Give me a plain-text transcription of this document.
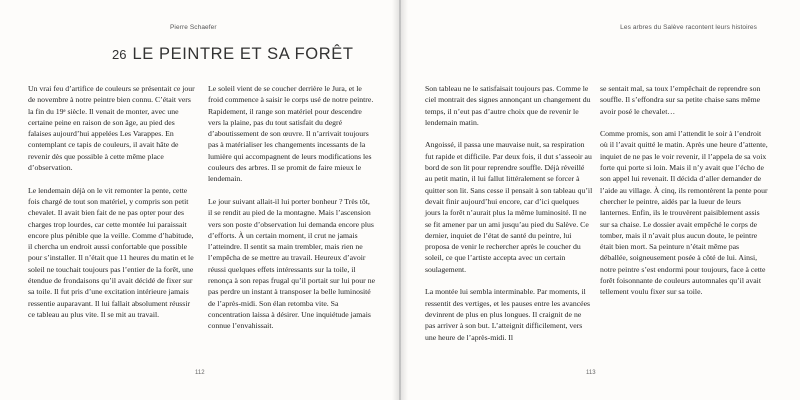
Pierre Schaefer
26 LE PEINTRE ET SA FORÊT

Un vrai feu d’artifice de couleurs se présentait ce jour de novembre à notre peintre bien connu. C’était vers la fin du 19ᵉ siècle. Il venait de monter, avec une certaine peine en raison de son âge, au pied des falaises aujourd’hui appelées Les Varappes. En contemplant ce tapis de couleurs, il avait hâte de revenir dès que possible à cette même place d’observation.

Le lendemain déjà on le vit remonter la pente, cette fois chargé de tout son matériel, y compris son petit chevalet. Il avait bien fait de ne pas opter pour des charges trop lourdes, car cette montée lui paraissait encore plus pénible que la veille. Comme d’habitude, il chercha un endroit aussi confortable que possible pour s’installer. Il n’était que 11 heures du matin et le soleil ne touchait toujours pas l’entier de la forêt, une étendue de frondaisons qu’il avait décidé de fixer sur sa toile. Il fut pris d’une excitation intérieure jamais ressentie auparavant. Il lui fallait absolument réussir ce tableau au plus vite. Il se mit au travail.

Le soleil vient de se coucher derrière le Jura, et le froid commence à saisir le corps usé de notre peintre. Rapidement, il range son matériel pour descendre vers la plaine, pas du tout satisfait du degré d’aboutissement de son œuvre. Il n’arrivait toujours pas à matérialiser les changements incessants de la lumière qui accompagnent de leurs modifications les couleurs des arbres. Il se promit de faire mieux le lendemain.

Le jour suivant allait-il lui porter bonheur ? Très tôt, il se rendit au pied de la montagne. Mais l’ascension vers son poste d’observation lui demanda encore plus d’efforts. À un certain moment, il crut ne jamais l’atteindre. Il sentit sa main trembler, mais rien ne l’empêcha de se mettre au travail. Heureux d’avoir réussi quelques effets intéressants sur la toile, il renonça à son repas frugal qu’il portait sur lui pour ne pas perdre un instant à transposer la belle luminosité de l’après-midi. Son élan retomba vite. Sa concentration laissa à désirer. Une inquiétude jamais connue l’envahissait.

112
Les arbres du Salève racontent leurs histoires

Son tableau ne le satisfaisait toujours pas. Comme le ciel montrait des signes annonçant un changement du temps, il n’eut pas d’autre choix que de revenir le lendemain matin.

Angoissé, il passa une mauvaise nuit, sa respiration fut rapide et difficile. Par deux fois, il dut s’asseoir au bord de son lit pour reprendre souffle. Déjà réveillé au petit matin, il lui fallut littéralement se forcer à quitter son lit. Sans cesse il pensait à son tableau qu’il devait finir aujourd’hui encore, car d’ici quelques jours la forêt n’aurait plus la même luminosité. Il ne se fit amener par un ami jusqu’au pied du Salève. Ce dernier, inquiet de l’état de santé du peintre, lui proposa de venir le rechercher après le coucher du soleil, ce que l’artiste accepta avec un certain soulagement.

La montée lui sembla interminable. Par moments, il ressentit des vertiges, et les pauses entre les avancées devinrent de plus en plus longues. Il craignit de ne pas arriver à son but. L’atteignit difficilement, vers une heure de l’après-midi. Il

se sentait mal, sa toux l’empêchait de reprendre son souffle. Il s’effondra sur sa petite chaise sans même avoir posé le chevalet…

Comme promis, son ami l’attendit le soir à l’endroit où il l’avait quitté le matin. Après une heure d’attente, inquiet de ne pas le voir revenir, il l’appela de sa voix forte qui porte si loin. Mais il n’y avait que l’écho de son appel lui revenait. Il décida d’aller demander de l’aide au village. À cinq, ils remontèrent la pente pour chercher le peintre, aidés par la lueur de leurs lanternes. Enfin, ils le trouvèrent paisiblement assis sur sa chaise. Le dossier avait empêché le corps de tomber, mais il n’avait plus aucun doute, le peintre était bien mort. Sa peinture n’était même pas déballée, soigneusement posée à côté de lui. Ainsi, notre peintre s’est endormi pour toujours, face à cette forêt foisonnante de couleurs automnales qu’il avait tellement voulu fixer sur sa toile.

113
